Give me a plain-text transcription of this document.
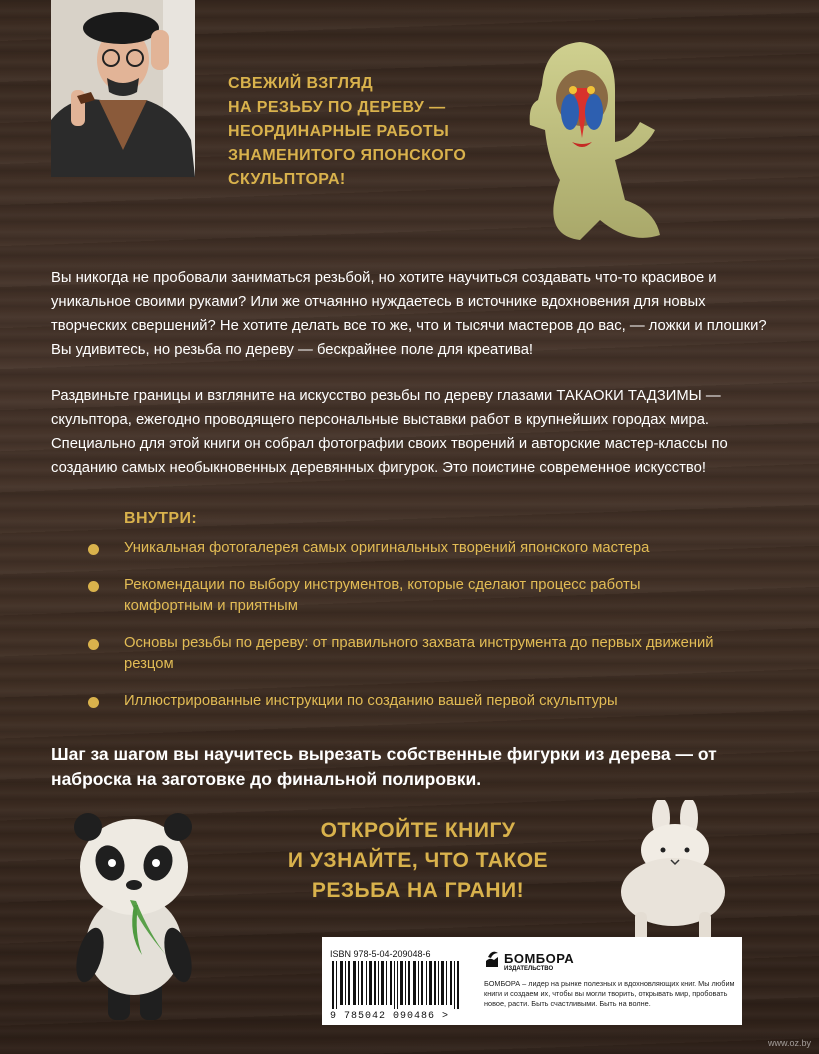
СВЕЖИЙ ВЗГЛЯД
НА РЕЗЬБУ ПО ДЕРЕВУ —
НЕОРДИНАРНЫЕ РАБОТЫ
ЗНАМЕНИТОГО ЯПОНСКОГО
СКУЛЬПТОРА!
Вы никогда не пробовали заниматься резьбой, но хотите научиться создавать что-то красивое и уникальное своими руками? Или же отчаянно нуждаетесь в источнике вдохновения для новых творческих свершений? Не хотите делать все то же, что и тысячи мастеров до вас, — ложки и плошки? Вы удивитесь, но резьба по дереву — бескрайнее поле для креатива!
Раздвиньте границы и взгляните на искусство резьбы по дереву глазами ТАКАОКИ ТАДЗИМЫ — скульптора, ежегодно проводящего персональные выставки работ в крупнейших городах мира. Специально для этой книги он собрал фотографии своих творений и авторские мастер-классы по созданию самых необыкновенных деревянных фигурок. Это поистине современное искусство!
ВНУТРИ:
Уникальная фотогалерея самых оригинальных творений японского мастера
Рекомендации по выбору инструментов, которые сделают процесс работы комфортным и приятным
Основы резьбы по дереву: от правильного захвата инструмента до первых движений резцом
Иллюстрированные инструкции по созданию вашей первой скульптуры
Шаг за шагом вы научитесь вырезать собственные фигурки из дерева — от наброска на заготовке до финальной полировки.
ОТКРОЙТЕ КНИГУ
И УЗНАЙТЕ, ЧТО ТАКОЕ
РЕЗЬБА НА ГРАНИ!
ISBN 978-5-04-209048-6
9 785042 090486 >
БОМБОРА
ИЗДАТЕЛЬСТВО
БОМБОРА – лидер на рынке полезных и вдохновляющих книг. Мы любим книги и создаем их, чтобы вы могли творить, открывать мир, пробовать новое, расти. Быть счастливыми. Быть на волне.
www.oz.by
